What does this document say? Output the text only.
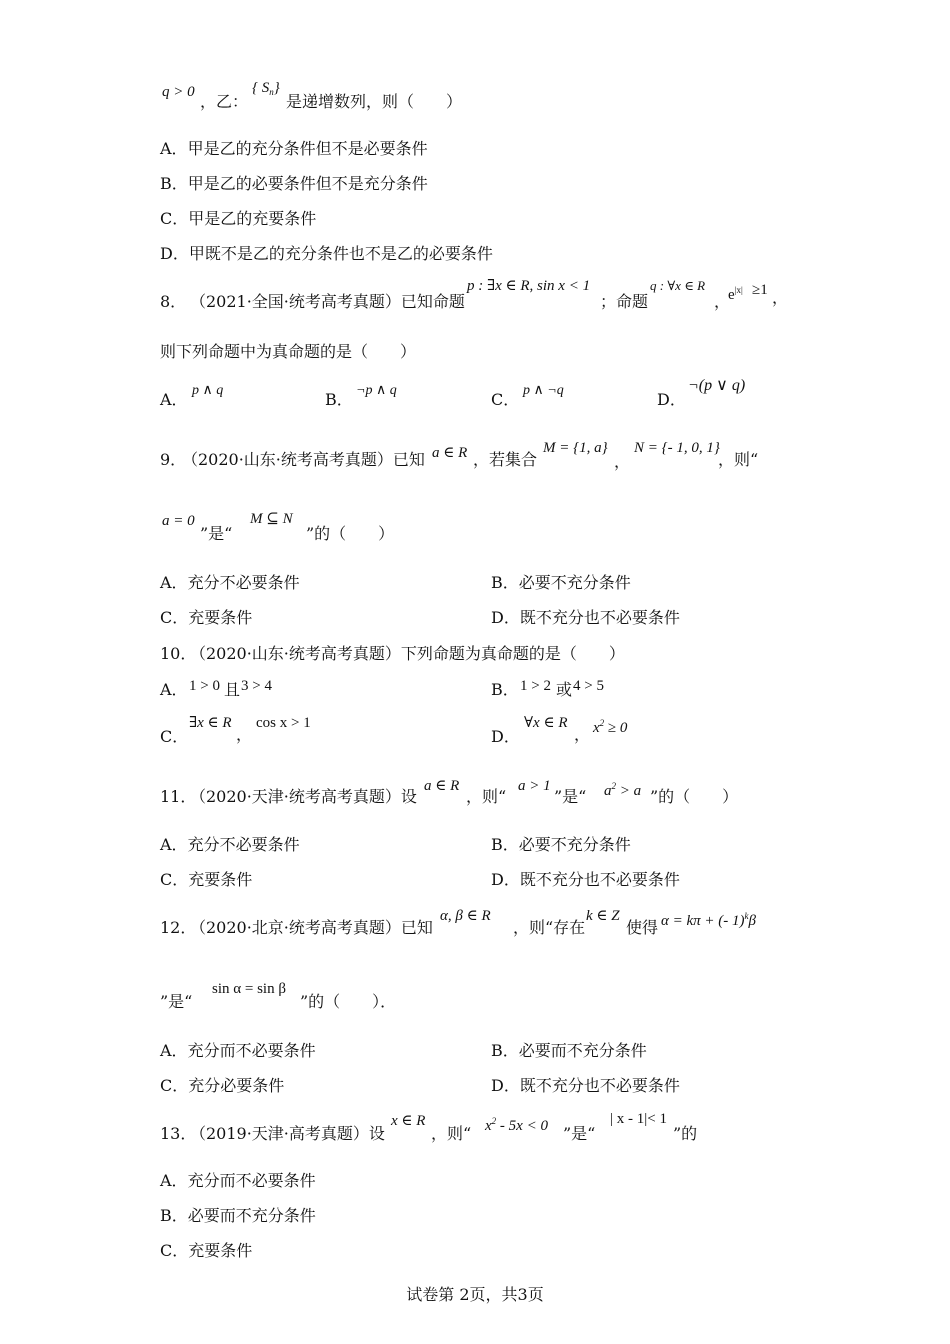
q > 0 ，乙：
{ $S_n$}
是递增数列，则（　　）
A．甲是乙的充分条件但不是必要条件
B．甲是乙的必要条件但不是充分条件
C．甲是乙的充要条件
D．甲既不是乙的充分条件也不是乙的必要条件
8． （2021·全国·统考高考真题）已知命题
p : ∃x ∈ R, sin x < 1
；命题
q : ∀x ∈ R
，
$e^{|x|} \ge 1$ ，
则下列命题中为真命题的是（　　）
A． p ∧ q	B． ¬p ∧ q	C． p ∧ ¬q	D．
¬(p ∨ q)
9．
（2020·山东·统考高考真题）已知 a ∈ R ，若集合
M = {1, a}
，
N = {- 1, 0, 1}
，则“
a = 0
”是“
M ⊆ N
”的（　　）
A．充分不必要条件	B．必要不充分条件
C．充要条件	D．既不充分也不必要条件
10．
（2020·山东·统考高考真题）下列命题为真命题的是（　　）
A． 1 > 0 且 3 > 4	B． 1 > 2 或 4 > 5
C．
∃x ∈ R
，
cos x > 1
D．
∀x ∈ R
， $x^2 \ge 0$
11．
（2020·天津·统考高考真题）设
a ∈ R
，则“
a > 1
”是“ $a^2 > a$ ”的（　　）
A．充分不必要条件	B．必要不充分条件
C．充要条件	D．既不充分也不必要条件
12．
（2020·北京·统考高考真题）已知
α, β ∈ R
，则“存在
k ∈ Z
使得 α = kπ + (- 1)$^k$β
”是“
sin α = sin β
”的（　　）．
A．充分而不必要条件	B．必要而不充分条件
C．充分必要条件	D．既不充分也不必要条件
13．
（2019·天津·高考真题）设
x ∈ R
，则“ $x^2 - 5x < 0$ ”是“
| x - 1|< 1
”的
A．充分而不必要条件
B．必要而不充分条件
C．充要条件
试卷第 2页，共3页
